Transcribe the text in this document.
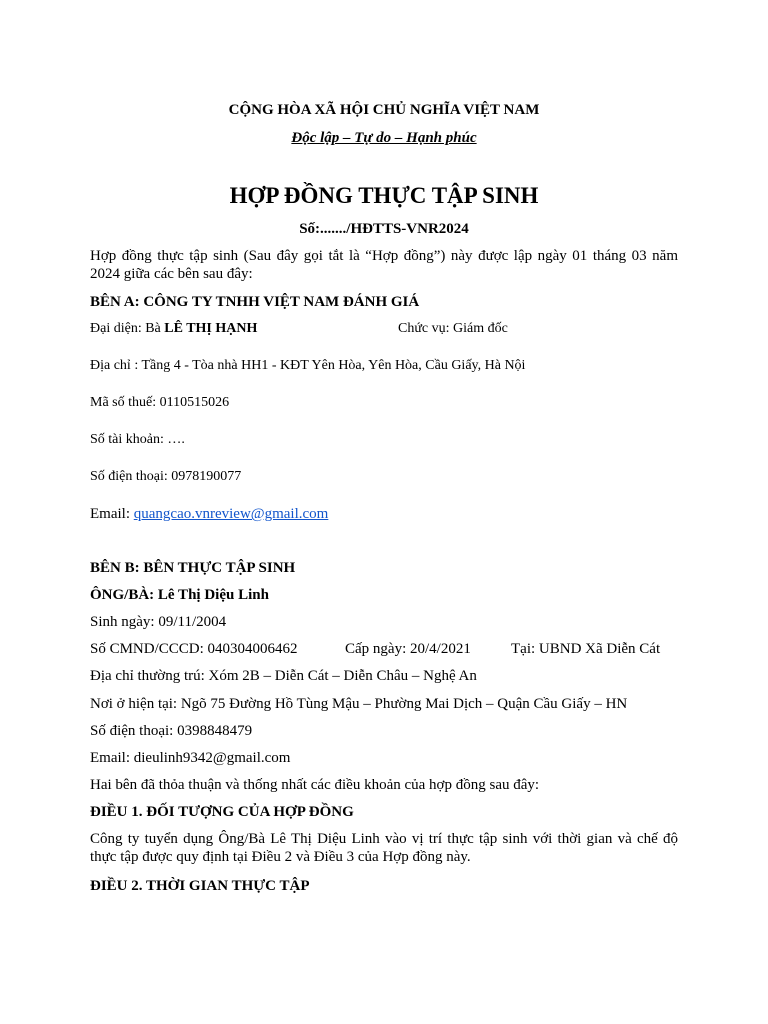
CỘNG HÒA XÃ HỘI CHỦ NGHĨA VIỆT NAM
Độc lập – Tự do – Hạnh phúc
HỢP ĐỒNG THỰC TẬP SINH
Số:......./HĐTTS-VNR2024
Hợp đồng thực tập sinh (Sau đây gọi tắt là “Hợp đồng”) này được lập ngày 01 tháng 03 năm 2024 giữa các bên sau đây:
BÊN A: CÔNG TY TNHH VIỆT NAM ĐÁNH GIÁ
Đại diện: Bà LÊ THỊ HẠNH	Chức vụ: Giám đốc
Địa chỉ : Tầng 4 - Tòa nhà HH1 - KĐT Yên Hòa, Yên Hòa, Cầu Giấy, Hà Nội
Mã số thuế: 0110515026
Số tài khoản: ….
Số điện thoại: 0978190077
Email: quangcao.vnreview@gmail.com
BÊN B: BÊN THỰC TẬP SINH
ÔNG/BÀ: Lê Thị Diệu Linh
Sinh ngày: 09/11/2004
Số CMND/CCCD: 040304006462	Cấp ngày: 20/4/2021	Tại: UBND Xã Diễn Cát
Địa chỉ thường trú: Xóm 2B – Diễn Cát – Diễn Châu – Nghệ An
Nơi ở hiện tại: Ngõ 75 Đường Hồ Tùng Mậu – Phường Mai Dịch – Quận Cầu Giấy – HN
Số điện thoại: 0398848479
Email: dieulinh9342@gmail.com
Hai bên đã thỏa thuận và thống nhất các điều khoản của hợp đồng sau đây:
ĐIỀU 1. ĐỐI TƯỢNG CỦA HỢP ĐỒNG
Công ty tuyển dụng Ông/Bà Lê Thị Diệu Linh vào vị trí thực tập sinh với thời gian và chế độ thực tập được quy định tại Điều 2 và Điều 3 của Hợp đồng này.
ĐIỀU 2. THỜI GIAN THỰC TẬP
